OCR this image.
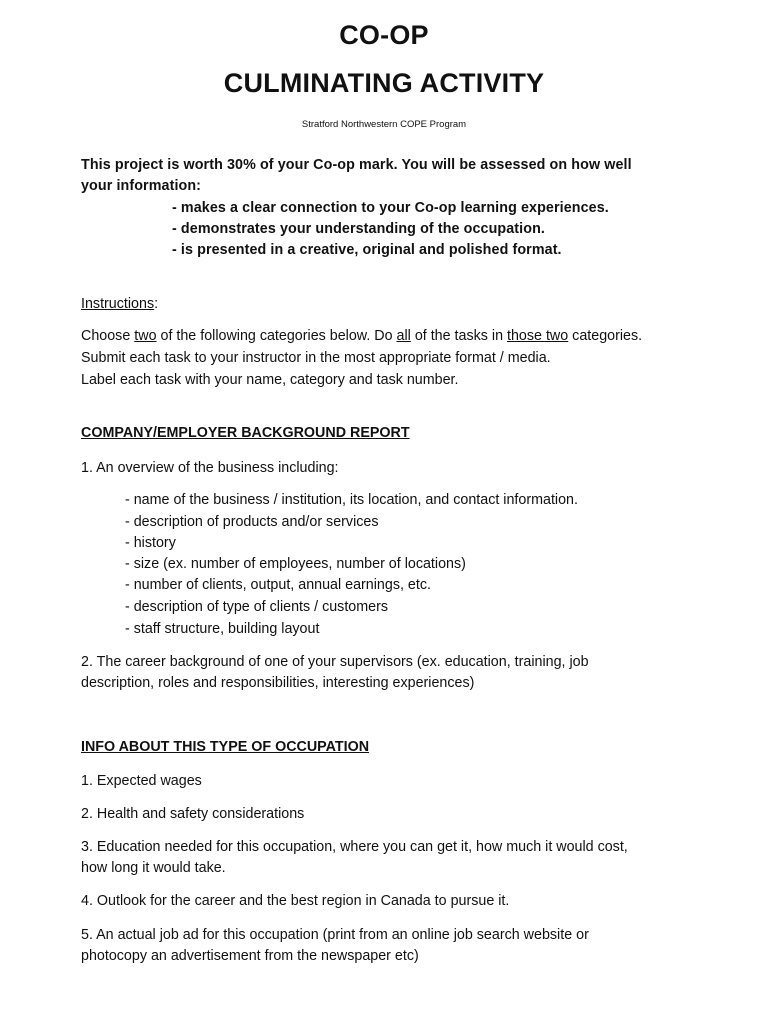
CO-OP
CULMINATING ACTIVITY
Stratford Northwestern COPE Program
This project is worth 30% of your Co-op mark. You will be assessed on how well
your information:
- makes a clear connection to your Co-op learning experiences.
- demonstrates your understanding of the occupation.
- is presented in a creative, original and polished format.
Instructions:
Choose two of the following categories below. Do all of the tasks in those two categories.
Submit each task to your instructor in the most appropriate format / media.
Label each task with your name, category and task number.
COMPANY/EMPLOYER BACKGROUND REPORT
1. An overview of the business including:
- name of the business / institution, its location, and contact information.
- description of products and/or services
- history
- size (ex. number of employees, number of locations)
- number of clients, output, annual earnings, etc.
- description of type of clients / customers
- staff structure, building layout
2. The career background of one of your supervisors (ex. education, training, job
description, roles and responsibilities, interesting experiences)
INFO ABOUT THIS TYPE OF OCCUPATION
1. Expected wages
2. Health and safety considerations
3. Education needed for this occupation, where you can get it, how much it would cost,
how long it would take.
4. Outlook for the career and the best region in Canada to pursue it.
5. An actual job ad for this occupation (print from an online job search website or
photocopy an advertisement from the newspaper etc)
